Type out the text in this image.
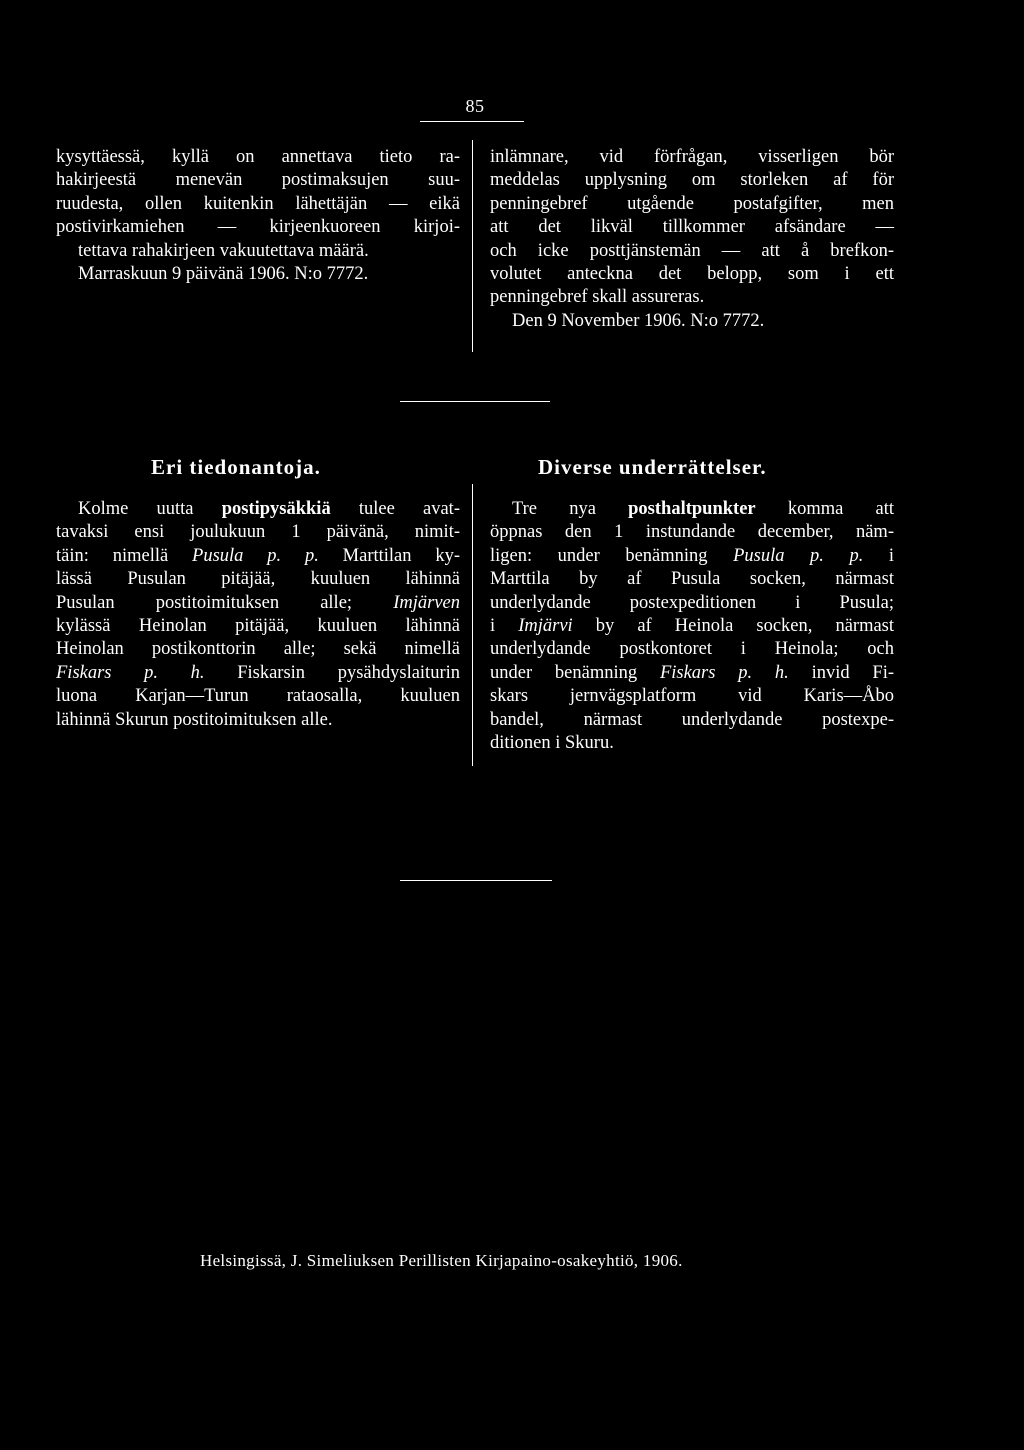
85
kysyttäessä, kyllä on annettava tieto ra-
hakirjeestä menevän postimaksujen suu-
ruudesta, ollen kuitenkin lähettäjän — eikä
postivirkamiehen — kirjeenkuoreen kirjoi-
tettava rahakirjeen vakuutettava määrä.
Marraskuun 9 päivänä 1906. N:o 7772.
inlämnare, vid förfrågan, visserligen bör
meddelas upplysning om storleken af för
penningebref utgående postafgifter, men
att det likväl tillkommer afsändare —
och icke posttjänstemän — att å brefkon-
volutet anteckna det belopp, som i ett
penningebref skall assureras.
Den 9 November 1906. N:o 7772.
Eri tiedonantoja.	Diverse underrättelser.
Kolme uutta postipysäkkiä tulee avat-
tavaksi ensi joulukuun 1 päivänä, nimit-
täin: nimellä Pusula p. p. Marttilan ky-
lässä Pusulan pitäjää, kuuluen lähinnä
Pusulan postitoimituksen alle; Imjärven
kylässä Heinolan pitäjää, kuuluen lähinnä
Heinolan postikonttorin alle; sekä nimellä
Fiskars p. h. Fiskarsin pysähdyslaiturin
luona Karjan—Turun rataosalla, kuuluen
lähinnä Skurun postitoimituksen alle.
Tre nya posthaltpunkter komma att
öppnas den 1 instundande december, näm-
ligen: under benämning Pusula p. p. i
Marttila by af Pusula socken, närmast
underlydande postexpeditionen i Pusula;
i Imjärvi by af Heinola socken, närmast
underlydande postkontoret i Heinola; och
under benämning Fiskars p. h. invid Fi-
skars jernvägsplatform vid Karis—Åbo
bandel, närmast underlydande postexpe-
ditionen i Skuru.
Helsingissä, J. Simeliuksen Perillisten Kirjapaino-osakeyhtiö, 1906.
